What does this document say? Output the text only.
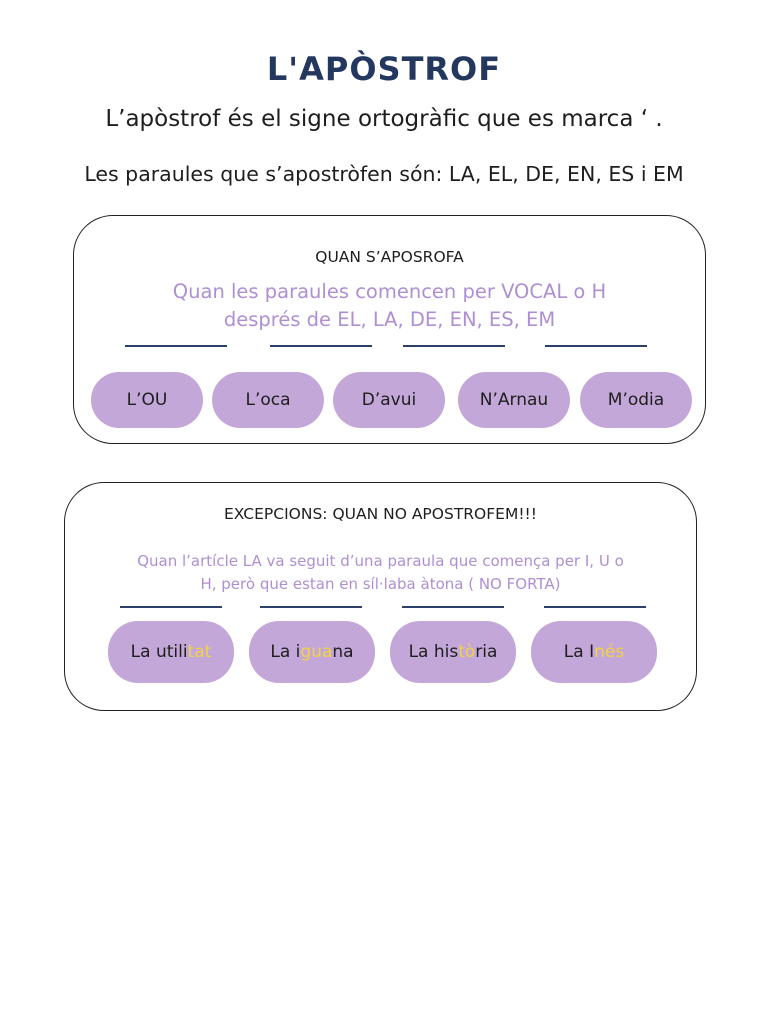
L'APÒSTROF
L’apòstrof és el signe ortogràfic que es marca ‘ .
Les paraules que s’apostròfen són: LA, EL, DE, EN, ES i EM
QUAN S’APOSROFA
Quan les paraules comencen per VOCAL o H
després de EL, LA, DE, EN, ES, EM
L’OU	L’oca	D’avui	N’Arnau	M’odia
EXCEPCIONS: QUAN NO APOSTROFEM!!!
Quan l’artícle LA va seguit d’una paraula que comença per I, U o
H, però que estan en síl·laba àtona ( NO FORTA)
La utili tat	La i gua na	La his tò ria	La I nés
